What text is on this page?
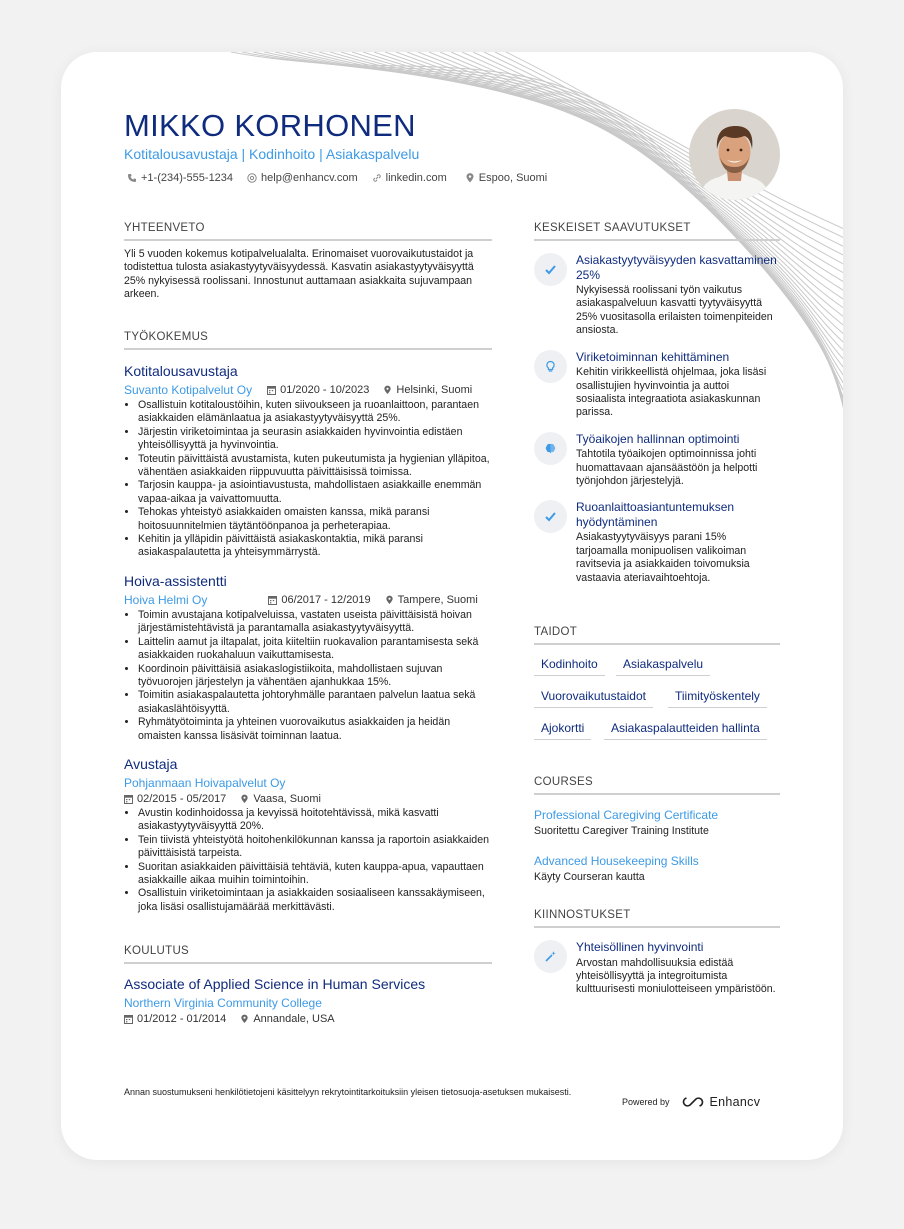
MIKKO KORHONEN
Kotitalousavustaja | Kodinhoito | Asiakaspalvelu
+1-(234)-555-1234	help@enhancv.com	linkedin.com	Espoo, Suomi
YHTEENVETO
Yli 5 vuoden kokemus kotipalvelualalta. Erinomaiset vuorovaikutustaidot ja todistettua tulosta asiakastyytyväisyydessä. Kasvatin asiakastyytyväisyyttä 25% nykyisessä roolissani. Innostunut auttamaan asiakkaita sujuvampaan arkeen.
TYÖKOKEMUS
Kotitalousavustaja
Suvanto Kotipalvelut Oy	01/2020 - 10/2023 Helsinki, Suomi
• Osallistuin kotitaloustöihin, kuten siivoukseen ja ruoanlaittoon, parantaen asiakkaiden elämänlaatua ja asiakastyytyväisyyttä 25%.
• Järjestin viriketoimintaa ja seurasin asiakkaiden hyvinvointia edistäen yhteisöllisyyttä ja hyvinvointia.
• Toteutin päivittäistä avustamista, kuten pukeutumista ja hygienian ylläpitoa, vähentäen asiakkaiden riippuvuutta päivittäisissä toimissa.
• Tarjosin kauppa- ja asiointiavustusta, mahdollistaen asiakkaille enemmän vapaa-aikaa ja vaivattomuutta.
• Tehokas yhteistyö asiakkaiden omaisten kanssa, mikä paransi hoitosuunnitelmien täytäntöönpanoa ja perheterapiaa.
• Kehitin ja ylläpidin päivittäistä asiakaskontaktia, mikä paransi asiakaspalautetta ja yhteisymmärrystä.
Hoiva-assistentti
Hoiva Helmi Oy	06/2017 - 12/2019 Tampere, Suomi
• Toimin avustajana kotipalveluissa, vastaten useista päivittäisistä hoivan järjestämistehtävistä ja parantamalla asiakastyytyväisyyttä.
• Laittelin aamut ja iltapalat, joita kiiteltiin ruokavalion parantamisesta sekä asiakkaiden ruokahaluun vaikuttamisesta.
• Koordinoin päivittäisiä asiakaslogistiikoita, mahdollistaen sujuvan työvuorojen järjestelyn ja vähentäen ajanhukkaa 15%.
• Toimitin asiakaspalautetta johtoryhmälle parantaen palvelun laatua sekä asiakaslähtöisyyttä.
• Ryhmätyötoiminta ja yhteinen vuorovaikutus asiakkaiden ja heidän omaisten kanssa lisäsivät toiminnan laatua.
Avustaja
Pohjanmaan Hoivapalvelut Oy
02/2015 - 05/2017 Vaasa, Suomi
• Avustin kodinhoidossa ja kevyissä hoitotehtävissä, mikä kasvatti asiakastyytyväisyyttä 20%.
• Tein tiivistä yhteistyötä hoitohenkilökunnan kanssa ja raportoin asiakkaiden päivittäisistä tarpeista.
• Suoritan asiakkaiden päivittäisiä tehtäviä, kuten kauppa-apua, vapauttaen asiakkaille aikaa muihin toimintoihin.
• Osallistuin viriketoimintaan ja asiakkaiden sosiaaliseen kanssakäymiseen, joka lisäsi osallistujamäärää merkittävästi.
KOULUTUS
Associate of Applied Science in Human Services
Northern Virginia Community College
01/2012 - 01/2014 Annandale, USA
KESKEISET SAAVUTUKSET
Asiakastyytyväisyyden kasvattaminen 25%
Nykyisessä roolissani työn vaikutus asiakaspalveluun kasvatti tyytyväisyyttä 25% vuositasolla erilaisten toimenpiteiden ansiosta.
Viriketoiminnan kehittäminen
Kehitin virikkeellistä ohjelmaa, joka lisäsi osallistujien hyvinvointia ja auttoi sosiaalista integraatiota asiakaskunnan parissa.
Työaikojen hallinnan optimointi
Tahtotila työaikojen optimoinnissa johti huomattavaan ajansäästöön ja helpotti työnjohdon järjestelyjä.
Ruoanlaittoasiantuntemuksen hyödyntäminen
Asiakastyytyväisyys parani 15% tarjoamalla monipuolisen valikoiman ravitsevia ja asiakkaiden toivomuksia vastaavia ateriavaihtoehtoja.
TAIDOT
Kodinhoito	Asiakaspalvelu
Vuorovaikutustaidot	Tiimityöskentely
Ajokortti	Asiakaspalautteiden hallinta
COURSES
Professional Caregiving Certificate
Suoritettu Caregiver Training Institute
Advanced Housekeeping Skills
Käyty Courseran kautta
KIINNOSTUKSET
Yhteisöllinen hyvinvointi
Arvostan mahdollisuuksia edistää yhteisöllisyyttä ja integroitumista kulttuurisesti moniulotteiseen ympäristöön.
Annan suostumukseni henkilötietojeni käsittelyyn rekrytointitarkoituksiin yleisen tietosuoja-asetuksen mukaisesti.
Powered by	Enhancv
